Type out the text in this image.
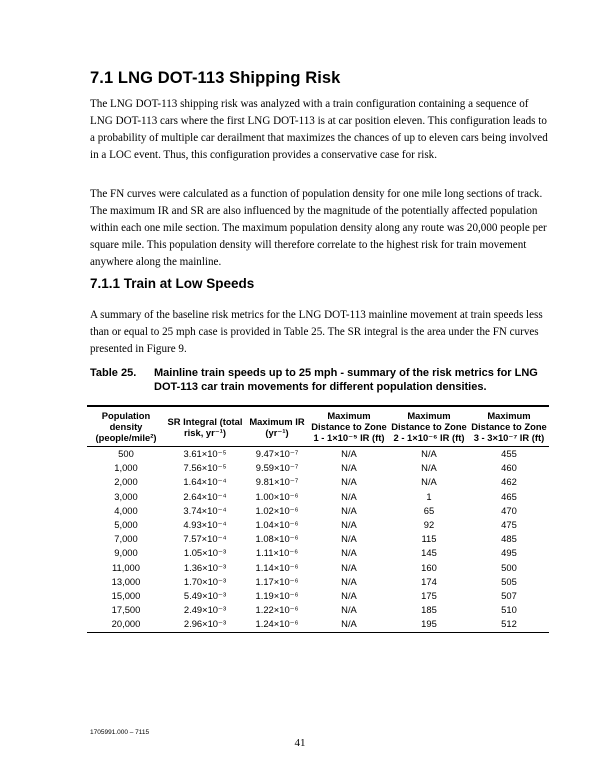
7.1 LNG DOT-113 Shipping Risk

The LNG DOT-113 shipping risk was analyzed with a train configuration containing a sequence of LNG DOT-113 cars where the first LNG DOT-113 is at car position eleven. This configuration leads to a probability of multiple car derailment that maximizes the chances of up to eleven cars being involved in a LOC event. Thus, this configuration provides a conservative case for risk.

The FN curves were calculated as a function of population density for one mile long sections of track. The maximum IR and SR are also influenced by the magnitude of the potentially affected population within each one mile section. The maximum population density along any route was 20,000 people per square mile. This population density will therefore correlate to the highest risk for train movement anywhere along the mainline.

7.1.1 Train at Low Speeds

A summary of the baseline risk metrics for the LNG DOT-113 mainline movement at train speeds less than or equal to 25 mph case is provided in Table 25. The SR integral is the area under the FN curves presented in Figure 9.

Table 25.	Mainline train speeds up to 25 mph - summary of the risk metrics for LNG DOT-113 car train movements for different population densities.

Population density (people/mile²)	SR Integral (total risk, yr⁻¹)	Maximum IR (yr⁻¹)	Maximum Distance to Zone 1 - 1×10⁻⁵ IR (ft)	Maximum Distance to Zone 2 - 1×10⁻⁶ IR (ft)	Maximum Distance to Zone 3 - 3×10⁻⁷ IR (ft)
500	3.61×10⁻⁵	9.47×10⁻⁷	N/A	N/A	455
1,000	7.56×10⁻⁵	9.59×10⁻⁷	N/A	N/A	460
2,000	1.64×10⁻⁴	9.81×10⁻⁷	N/A	N/A	462
3,000	2.64×10⁻⁴	1.00×10⁻⁶	N/A	1	465
4,000	3.74×10⁻⁴	1.02×10⁻⁶	N/A	65	470
5,000	4.93×10⁻⁴	1.04×10⁻⁶	N/A	92	475
7,000	7.57×10⁻⁴	1.08×10⁻⁶	N/A	115	485
9,000	1.05×10⁻³	1.11×10⁻⁶	N/A	145	495
11,000	1.36×10⁻³	1.14×10⁻⁶	N/A	160	500
13,000	1.70×10⁻³	1.17×10⁻⁶	N/A	174	505
15,000	5.49×10⁻³	1.19×10⁻⁶	N/A	175	507
17,500	2.49×10⁻³	1.22×10⁻⁶	N/A	185	510
20,000	2.96×10⁻³	1.24×10⁻⁶	N/A	195	512
1705991.000 – 7115
41
